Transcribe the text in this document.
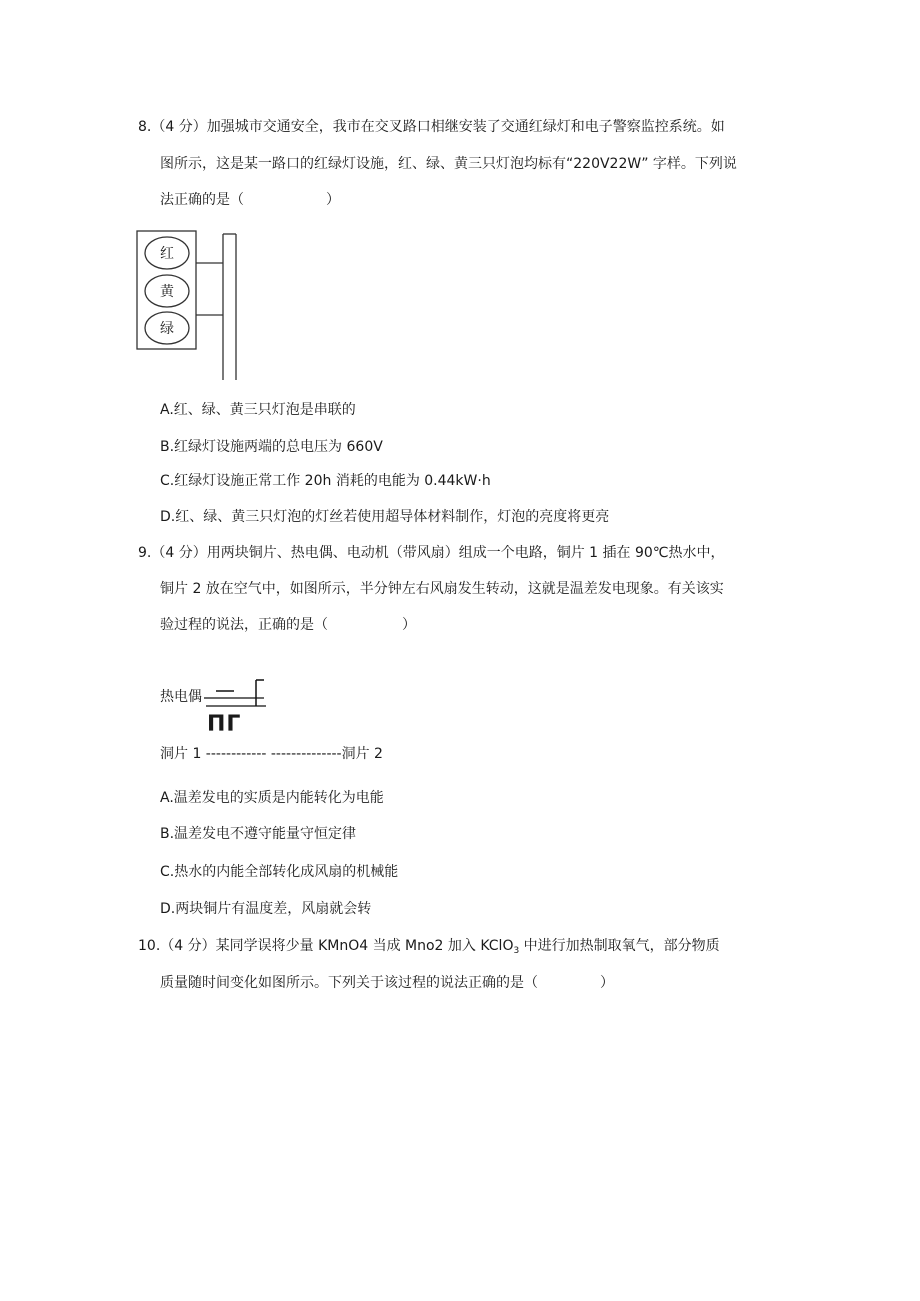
8.（4 分）加强城市交通安全，我市在交叉路口相继安装了交通红绿灯和电子警察监控系统。如
图所示，这是某一路口的红绿灯设施，红、绿、黄三只灯泡均标有“220V22W” 字样。下列说
法正确的是（	）
红
黄
绿
A.红、绿、黄三只灯泡是串联的
B.红绿灯设施两端的总电压为 660V
C.红绿灯设施正常工作 20h 消耗的电能为 0.44kW·h
D.红、绿、黄三只灯泡的灯丝若使用超导体材料制作，灯泡的亮度将更亮
9.（4 分）用两块铜片、热电偶、电动机（带风扇）组成一个电路，铜片 1 插在 90℃热水中，
铜片 2 放在空气中，如图所示，半分钟左右风扇发生转动，这就是温差发电现象。有关该实
验过程的说法，正确的是（	）
热电偶
ΠΓ
洞片 1 ------------ --------------洞片 2
A.温差发电的实质是内能转化为电能
B.温差发电不遵守能量守恒定律
C.热水的内能全部转化成风扇的机械能
D.两块铜片有温度差，风扇就会转
10.（4 分）某同学误将少量 KMnO4 当成 Mno2 加入 KClO$_3$ 中进行加热制取氧气，部分物质
质量随时间变化如图所示。下列关于该过程的说法正确的是（	）
